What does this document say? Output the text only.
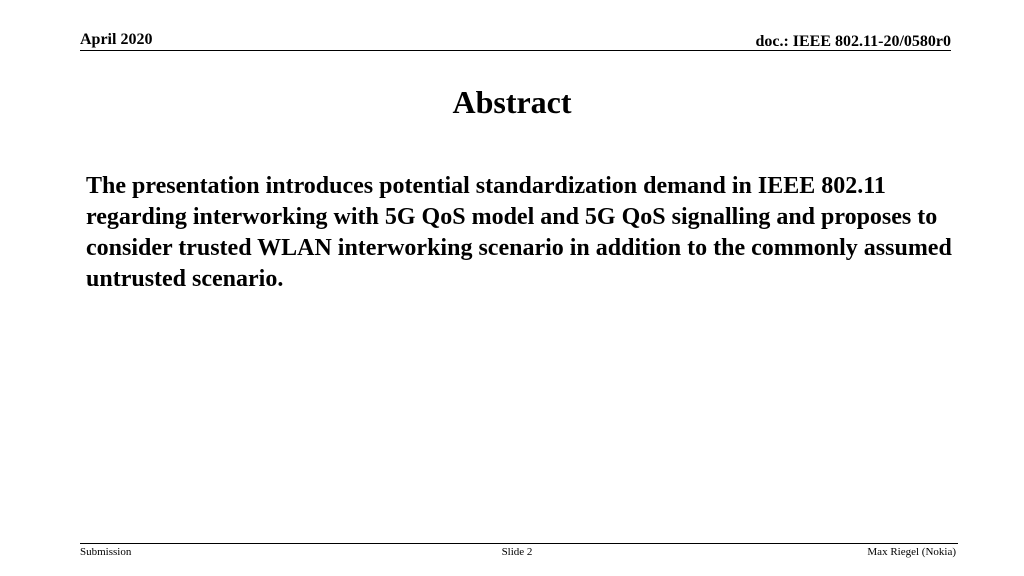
April 2020	doc.: IEEE 802.11-20/0580r0
Abstract
The presentation introduces potential standardization demand in IEEE 802.11 regarding interworking with 5G QoS model and 5G QoS signalling and proposes to consider trusted WLAN interworking scenario in addition to the commonly assumed untrusted scenario.
Submission	Slide 2	Max Riegel (Nokia)
